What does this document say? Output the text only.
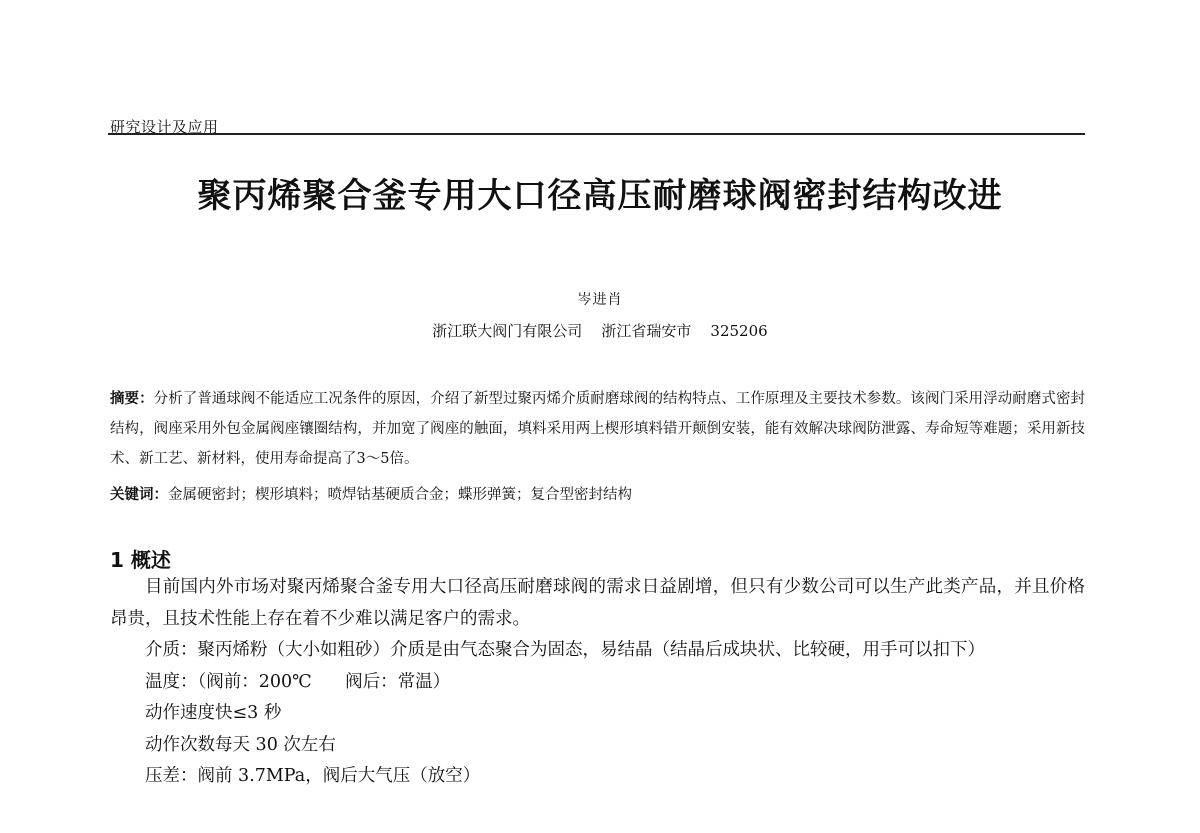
研究设计及应用
聚丙烯聚合釜专用大口径高压耐磨球阀密封结构改进
岑进肖
浙江联大阀门有限公司    浙江省瑞安市    325206
摘要：分析了普通球阀不能适应工况条件的原因，介绍了新型过聚丙烯介质耐磨球阀的结构特点、工作原理及主要技术参数。该阀门采用浮动耐磨式密封结构，阀座采用外包金属阀座镶圈结构，并加宽了阀座的触面，填料采用两上楔形填料错开颠倒安装，能有效解决球阀防泄露、寿命短等难题；采用新技术、新工艺、新材料，使用寿命提高了3～5倍。
关键词：金属硬密封；楔形填料；喷焊钴基硬质合金；蝶形弹簧；复合型密封结构
1 概述

目前国内外市场对聚丙烯聚合釜专用大口径高压耐磨球阀的需求日益剧增，但只有少数公司可以生产此类产品，并且价格昂贵，且技术性能上存在着不少难以满足客户的需求。

介质：聚丙烯粉（大小如粗砂）介质是由气态聚合为固态，易结晶（结晶后成块状、比较硬，用手可以扣下）

温度：（阀前：200℃      阀后：常温）

动作速度快≤3 秒

动作次数每天 30 次左右

压差：阀前 3.7MPa，阀后大气压（放空）
